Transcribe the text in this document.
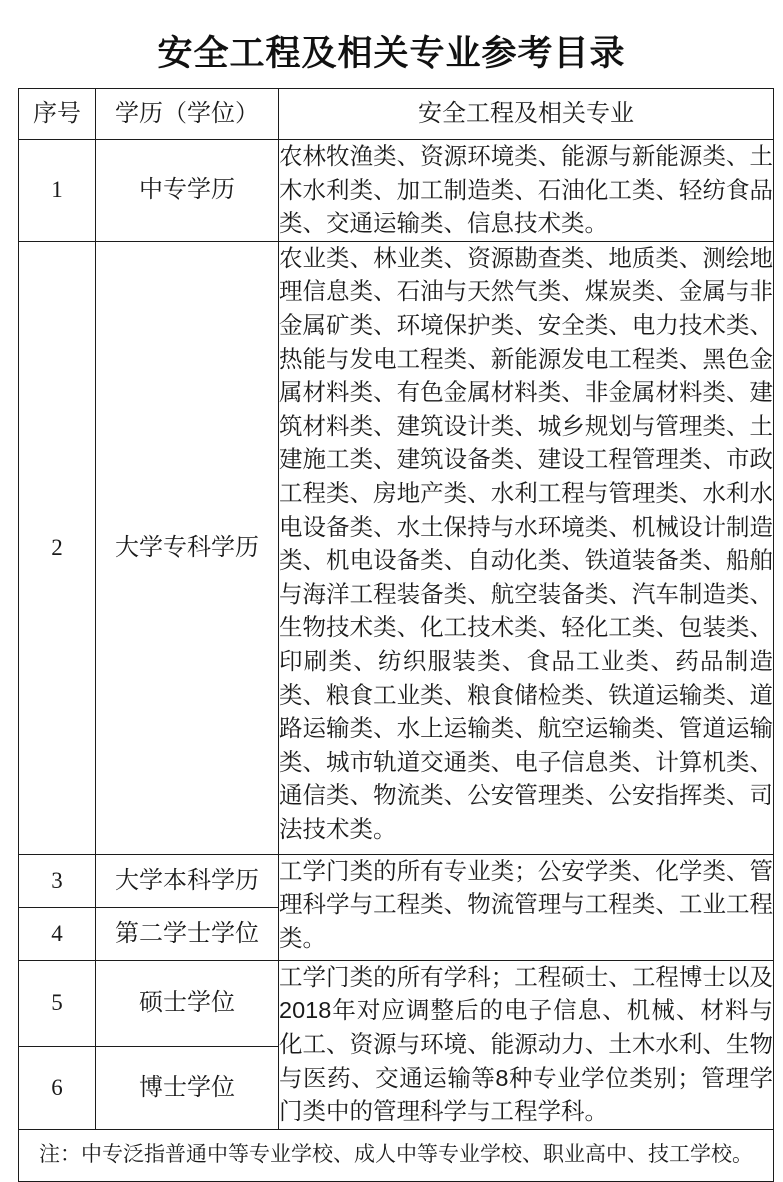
安全工程及相关专业参考目录
序号	学历（学位）	安全工程及相关专业
1	中专学历	农林牧渔类、资源环境类、能源与新能源类、土木水利类、加工制造类、石油化工类、轻纺食品类、交通运输类、信息技术类。
2	大学专科学历	农业类、林业类、资源勘查类、地质类、测绘地理信息类、石油与天然气类、煤炭类、金属与非金属矿类、环境保护类、安全类、电力技术类、热能与发电工程类、新能源发电工程类、黑色金属材料类、有色金属材料类、非金属材料类、建筑材料类、建筑设计类、城乡规划与管理类、土建施工类、建筑设备类、建设工程管理类、市政工程类、房地产类、水利工程与管理类、水利水电设备类、水土保持与水环境类、机械设计制造类、机电设备类、自动化类、铁道装备类、船舶与海洋工程装备类、航空装备类、汽车制造类、生物技术类、化工技术类、轻化工类、包装类、印刷类、纺织服装类、食品工业类、药品制造类、粮食工业类、粮食储检类、铁道运输类、道路运输类、水上运输类、航空运输类、管道运输类、城市轨道交通类、电子信息类、计算机类、通信类、物流类、公安管理类、公安指挥类、司法技术类。
3	大学本科学历	工学门类的所有专业类；公安学类、化学类、管理科学与工程类、物流管理与工程类、工业工程类。
4	第二学士学位	
5	硕士学位	工学门类的所有学科；工程硕士、工程博士以及2018年对应调整后的电子信息、机械、材料与化工、资源与环境、能源动力、土木水利、生物与医药、交通运输等8种专业学位类别；管理学门类中的管理科学与工程学科。
6	博士学位	
注：中专泛指普通中等专业学校、成人中等专业学校、职业高中、技工学校。		
